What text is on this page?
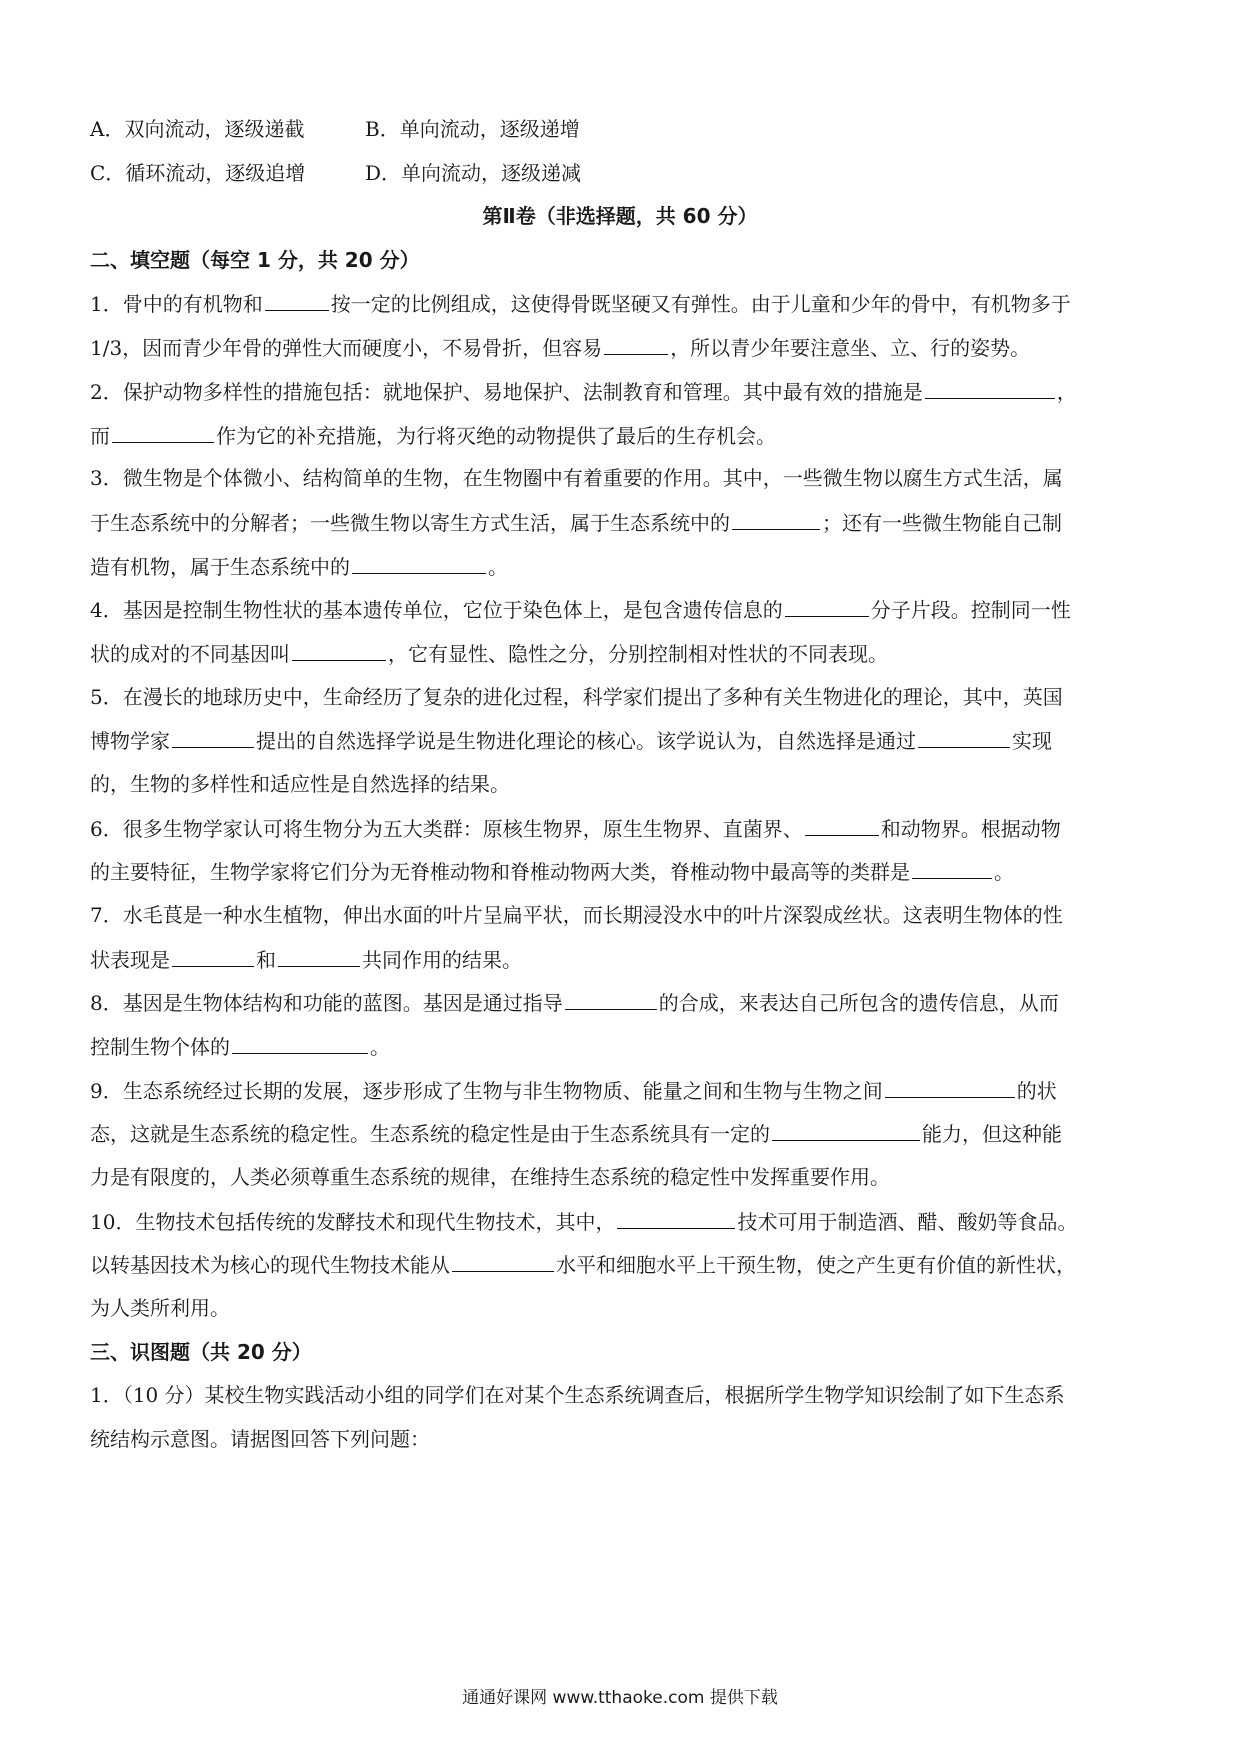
A．双向流动，逐级递截	B．单向流动，逐级递增
C．循环流动，逐级追增	D．单向流动，逐级递减
第Ⅱ卷（非选择题，共 60 分）
二、填空题（每空 1 分，共 20 分）
1．骨中的有机物和	按一定的比例组成，这使得骨既坚硬又有弹性。由于儿童和少年的骨中，有机物多于
1/3，因而青少年骨的弹性大而硬度小，不易骨折，但容易	，所以青少年要注意坐、立、行的姿势。
2．保护动物多样性的措施包括：就地保护、易地保护、法制教育和管理。其中最有效的措施是	，
而	作为它的补充措施，为行将灭绝的动物提供了最后的生存机会。
3．微生物是个体微小、结构简单的生物，在生物圈中有着重要的作用。其中，一些微生物以腐生方式生活，属
于生态系统中的分解者；一些微生物以寄生方式生活，属于生态系统中的	；还有一些微生物能自己制
造有机物，属于生态系统中的	。
4．基因是控制生物性状的基本遗传单位，它位于染色体上，是包含遗传信息的	分子片段。控制同一性
状的成对的不同基因叫	，它有显性、隐性之分，分别控制相对性状的不同表现。
5．在漫长的地球历史中，生命经历了复杂的进化过程，科学家们提出了多种有关生物进化的理论，其中，英国
博物学家	提出的自然选择学说是生物进化理论的核心。该学说认为，自然选择是通过	实现
的，生物的多样性和适应性是自然选择的结果。
6．很多生物学家认可将生物分为五大类群：原核生物界，原生生物界、直菌界、	和动物界。根据动物
的主要特征，生物学家将它们分为无脊椎动物和脊椎动物两大类，脊椎动物中最高等的类群是	。
7．水毛茛是一种水生植物，伸出水面的叶片呈扁平状，而长期浸没水中的叶片深裂成丝状。这表明生物体的性
状表现是	和	共同作用的结果。
8．基因是生物体结构和功能的蓝图。基因是通过指导	的合成，来表达自己所包含的遗传信息，从而
控制生物个体的	。
9．生态系统经过长期的发展，逐步形成了生物与非生物物质、能量之间和生物与生物之间	的状
态，这就是生态系统的稳定性。生态系统的稳定性是由于生态系统具有一定的	能力，但这种能
力是有限度的，人类必须尊重生态系统的规律，在维持生态系统的稳定性中发挥重要作用。
10．生物技术包括传统的发酵技术和现代生物技术，其中，	技术可用于制造酒、醋、酸奶等食品。
以转基因技术为核心的现代生物技术能从	水平和细胞水平上干预生物，使之产生更有价值的新性状，
为人类所利用。
三、识图题（共 20 分）
1．（10 分）某校生物实践活动小组的同学们在对某个生态系统调查后，根据所学生物学知识绘制了如下生态系
统结构示意图。请据图回答下列问题：
通通好课网 www.tthaoke.com 提供下载
